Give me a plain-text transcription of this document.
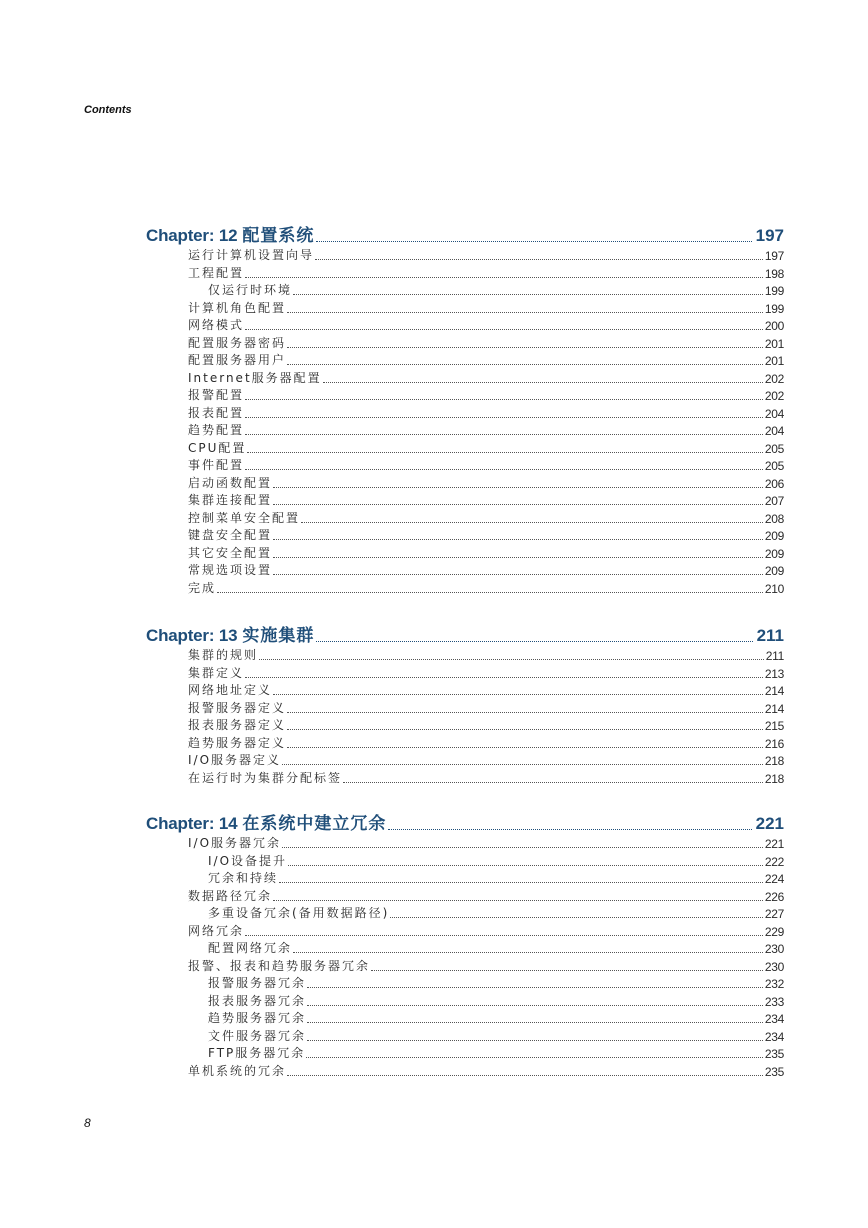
Contents
Chapter: 12 配置系统	197
运行计算机设置向导	197
工程配置	198
仅运行时环境	199
计算机角色配置	199
网络模式	200
配置服务器密码	201
配置服务器用户	201
Internet服务器配置	202
报警配置	202
报表配置	204
趋势配置	204
CPU配置	205
事件配置	205
启动函数配置	206
集群连接配置	207
控制菜单安全配置	208
键盘安全配置	209
其它安全配置	209
常规选项设置	209
完成	210
Chapter: 13 实施集群	211
集群的规则	211
集群定义	213
网络地址定义	214
报警服务器定义	214
报表服务器定义	215
趋势服务器定义	216
I/O服务器定义	218
在运行时为集群分配标签	218
Chapter: 14 在系统中建立冗余	221
I/O服务器冗余	221
I/O设备提升	222
冗余和持续	224
数据路径冗余	226
多重设备冗余(备用数据路径)	227
网络冗余	229
配置网络冗余	230
报警、报表和趋势服务器冗余	230
报警服务器冗余	232
报表服务器冗余	233
趋势服务器冗余	234
文件服务器冗余	234
FTP服务器冗余	235
单机系统的冗余	235
8
